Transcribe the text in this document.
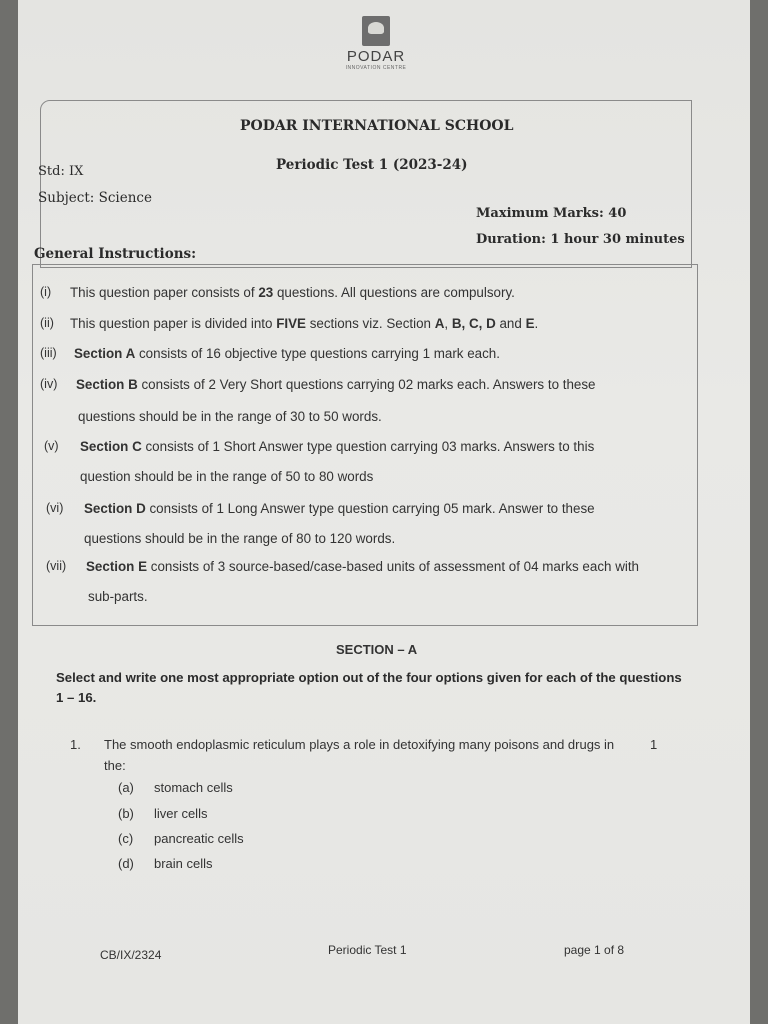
PODAR
INNOVATION CENTRE
PODAR INTERNATIONAL SCHOOL
Periodic Test 1 (2023-24)
Std: IX
Subject: Science
Maximum Marks: 40
Duration: 1 hour 30 minutes
General Instructions:
(i) This question paper consists of 23 questions. All questions are compulsory.
(ii) This question paper is divided into FIVE sections viz. Section A, B, C, D and E.
(iii) Section A consists of 16 objective type questions carrying 1 mark each.
(iv) Section B consists of 2 Very Short questions carrying 02 marks each. Answers to these
questions should be in the range of 30 to 50 words.
(v) Section C consists of 1 Short Answer type question carrying 03 marks. Answers to this
question should be in the range of 50 to 80 words
(vi) Section D consists of 1 Long Answer type question carrying 05 mark. Answer to these
questions should be in the range of 80 to 120 words.
(vii) Section E consists of 3 source-based/case-based units of assessment of 04 marks each with
sub-parts.
SECTION – A
Select and write one most appropriate option out of the four options given for each of the questions 1 – 16.
1. The smooth endoplasmic reticulum plays a role in detoxifying many poisons and drugs in the:
1
(a) stomach cells
(b) liver cells
(c) pancreatic cells
(d) brain cells
CB/IX/2324	Periodic Test 1	page 1 of 8
